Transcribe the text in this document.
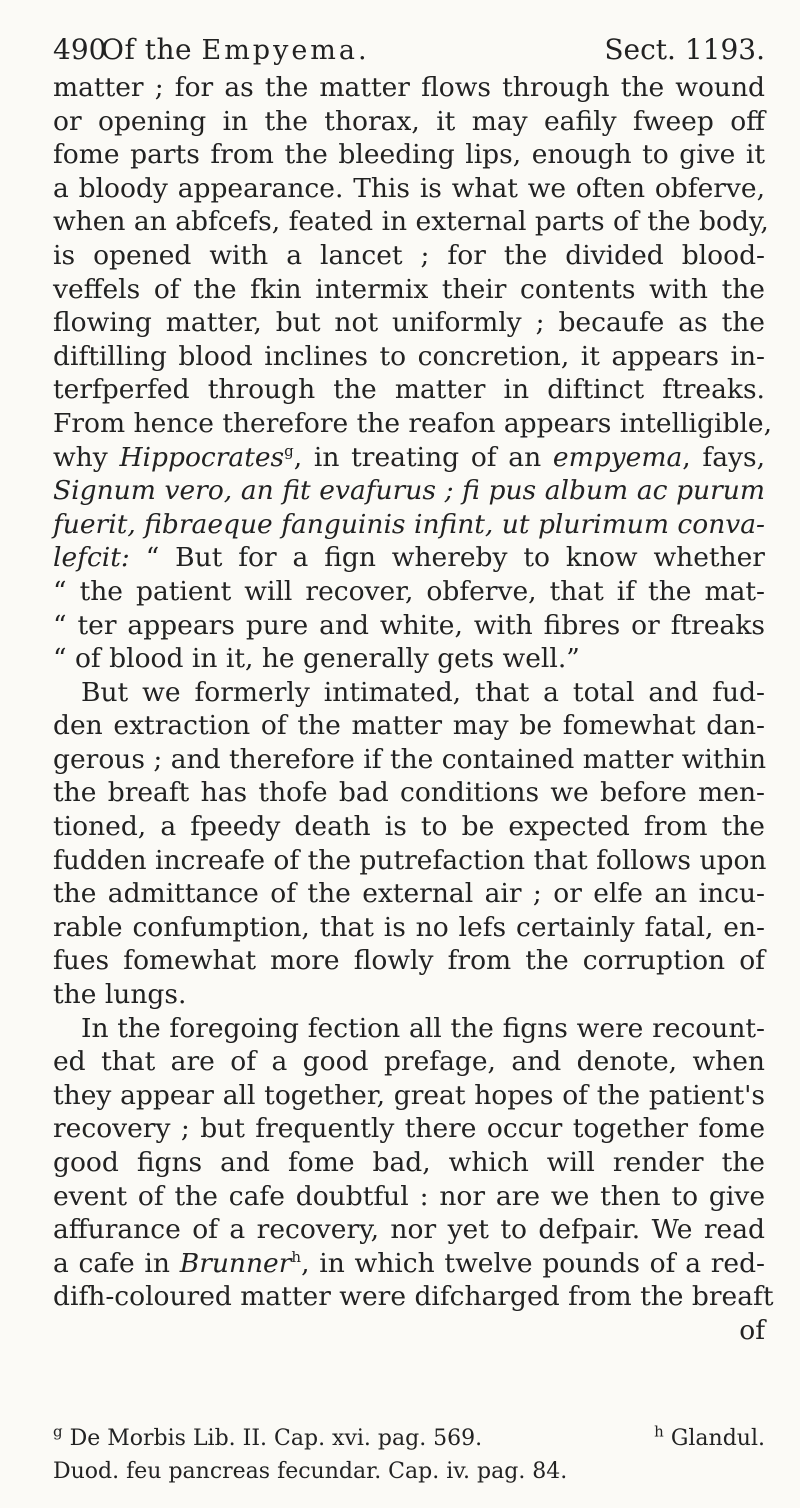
490
Of the Empyema.	Sect. 1193.
matter ; for as the matter flows through the wound
or opening in the thorax, it may eafily fweep off
fome parts from the bleeding lips, enough to give it
a bloody appearance. This is what we often obferve,
when an abfcefs, feated in external parts of the body,
is opened with a lancet ; for the divided blood-
veffels of the fkin intermix their contents with the
flowing matter, but not uniformly ; becaufe as the
diftilling blood inclines to concretion, it appears in-
terfperfed through the matter in diftinct ftreaks.
From hence therefore the reafon appears intelligible,
why Hippocrates$^g$, in treating of an empyema, fays,
Signum vero, an fit evafurus ; fi pus album ac purum
fuerit, fibraeque fanguinis infint, ut plurimum conva-
lefcit: “ But for a fign whereby to know whether
“ the patient will recover, obferve, that if the mat-
“ ter appears pure and white, with fibres or ftreaks
“ of blood in it, he generally gets well.”
But we formerly intimated, that a total and fud-
den extraction of the matter may be fomewhat dan-
gerous ; and therefore if the contained matter within
the breaft has thofe bad conditions we before men-
tioned, a fpeedy death is to be expected from the
fudden increafe of the putrefaction that follows upon
the admittance of the external air ; or elfe an incu-
rable confumption, that is no lefs certainly fatal, en-
fues fomewhat more flowly from the corruption of
the lungs.
In the foregoing fection all the figns were recount-
ed that are of a good prefage, and denote, when
they appear all together, great hopes of the patient's
recovery ; but frequently there occur together fome
good figns and fome bad, which will render the
event of the cafe doubtful : nor are we then to give
affurance of a recovery, nor yet to defpair. We read
a cafe in Brunner$^h$, in which twelve pounds of a red-
difh-coloured matter were difcharged from the breaft
of
$^g$ De Morbis Lib. II. Cap. xvi. pag. 569.	$^h$ Glandul.
Duod. feu pancreas fecundar. Cap. iv. pag. 84.
